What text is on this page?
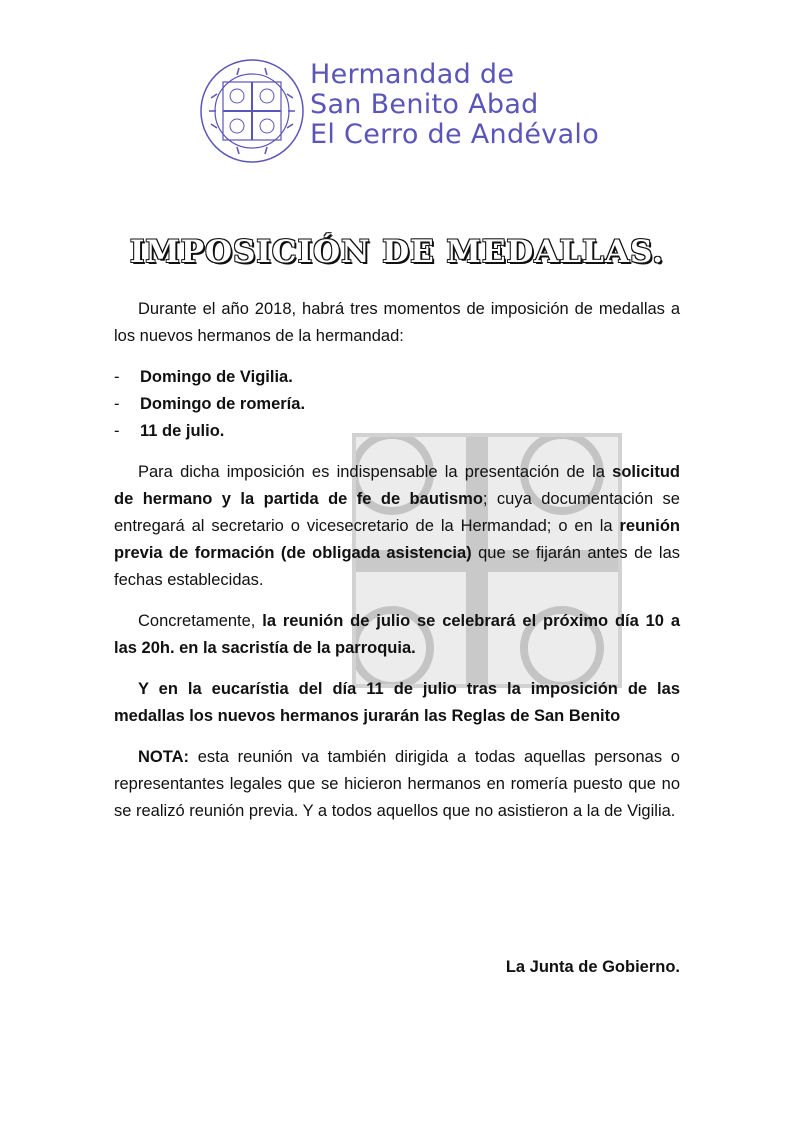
Hermandad de
San Benito Abad
El Cerro de Andévalo
IMPOSICIÓN DE MEDALLAS.

Durante el año 2018, habrá tres momentos de imposición de medallas a los nuevos hermanos de la hermandad:

- Domingo de Vigilia.
- Domingo de romería.
- 11 de julio.

Para dicha imposición es indispensable la presentación de la solicitud de hermano y la partida de fe de bautismo; cuya documentación se entregará al secretario o vicesecretario de la Hermandad; o en la reunión previa de formación (de obligada asistencia) que se fijarán antes de las fechas establecidas.

Concretamente, la reunión de julio se celebrará el próximo día 10 a las 20h. en la sacristía de la parroquia.

Y en la eucarístia del día 11 de julio tras la imposición de las medallas los nuevos hermanos jurarán las Reglas de San Benito

NOTA: esta reunión va también dirigida a todas aquellas personas o representantes legales que se hicieron hermanos en romería puesto que no se realizó reunión previa. Y a todos aquellos que no asistieron a la de Vigilia.

La Junta de Gobierno.
